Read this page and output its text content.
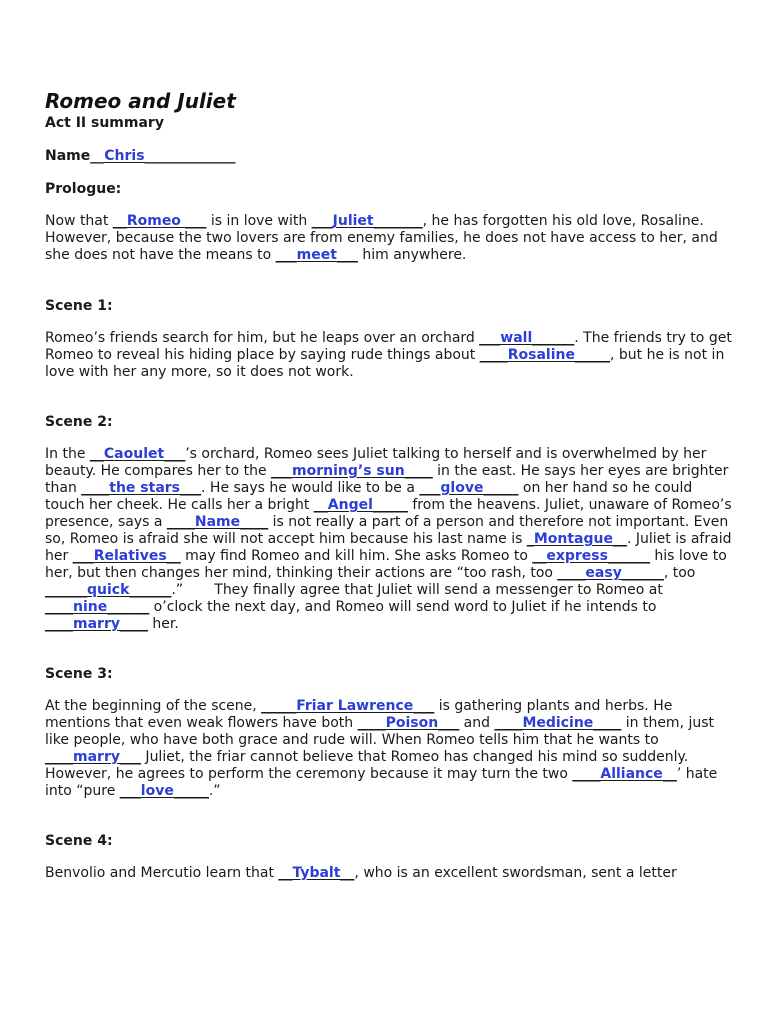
Romeo and Juliet
Act II summary
Name__Chris_____________
Prologue:

Now that __Romeo ___ is in love with ___Juliet_______, he has forgotten his old love, Rosaline. However, because the two lovers are from enemy families, he does not have access to her, and she does not have the means to ___meet___ him anywhere.

Scene 1:

Romeo’s friends search for him, but he leaps over an orchard ___wall______. The friends try to get Romeo to reveal his hiding place by saying rude things about ____Rosaline_____, but he is not in love with her any more, so it does not work.

Scene 2:

In the __Caoulet___’s orchard, Romeo sees Juliet talking to herself and is overwhelmed by her beauty. He compares her to the ___morning’s sun____ in the east. He says her eyes are brighter than ____the stars___. He says he would like to be a ___glove_____ on her hand so he could touch her cheek. He calls her a bright __Angel_____ from the heavens. Juliet, unaware of Romeo’s presence, says a ____Name____ is not really a part of a person and therefore not important. Even so, Romeo is afraid she will not accept him because his last name is _Montague__. Juliet is afraid her ___Relatives__ may find Romeo and kill him. She asks Romeo to __express______ his love to her, but then changes her mind, thinking their actions are “too rash, too ____easy______, too ______quick______.”       They finally agree that Juliet will send a messenger to Romeo at ____nine______ o’clock the next day, and Romeo will send word to Juliet if he intends to ____marry____ her.

Scene 3:

At the beginning of the scene, _____Friar Lawrence___ is gathering plants and herbs. He mentions that even weak flowers have both ____Poison___ and ____Medicine____ in them, just like people, who have both grace and rude will. When Romeo tells him that he wants to ____marry___ Juliet, the friar cannot believe that Romeo has changed his mind so suddenly. However, he agrees to perform the ceremony because it may turn the two ____Alliance__’ hate into “pure ___love_____.”

Scene 4:

Benvolio and Mercutio learn that __Tybalt__, who is an excellent swordsman, sent a letter
